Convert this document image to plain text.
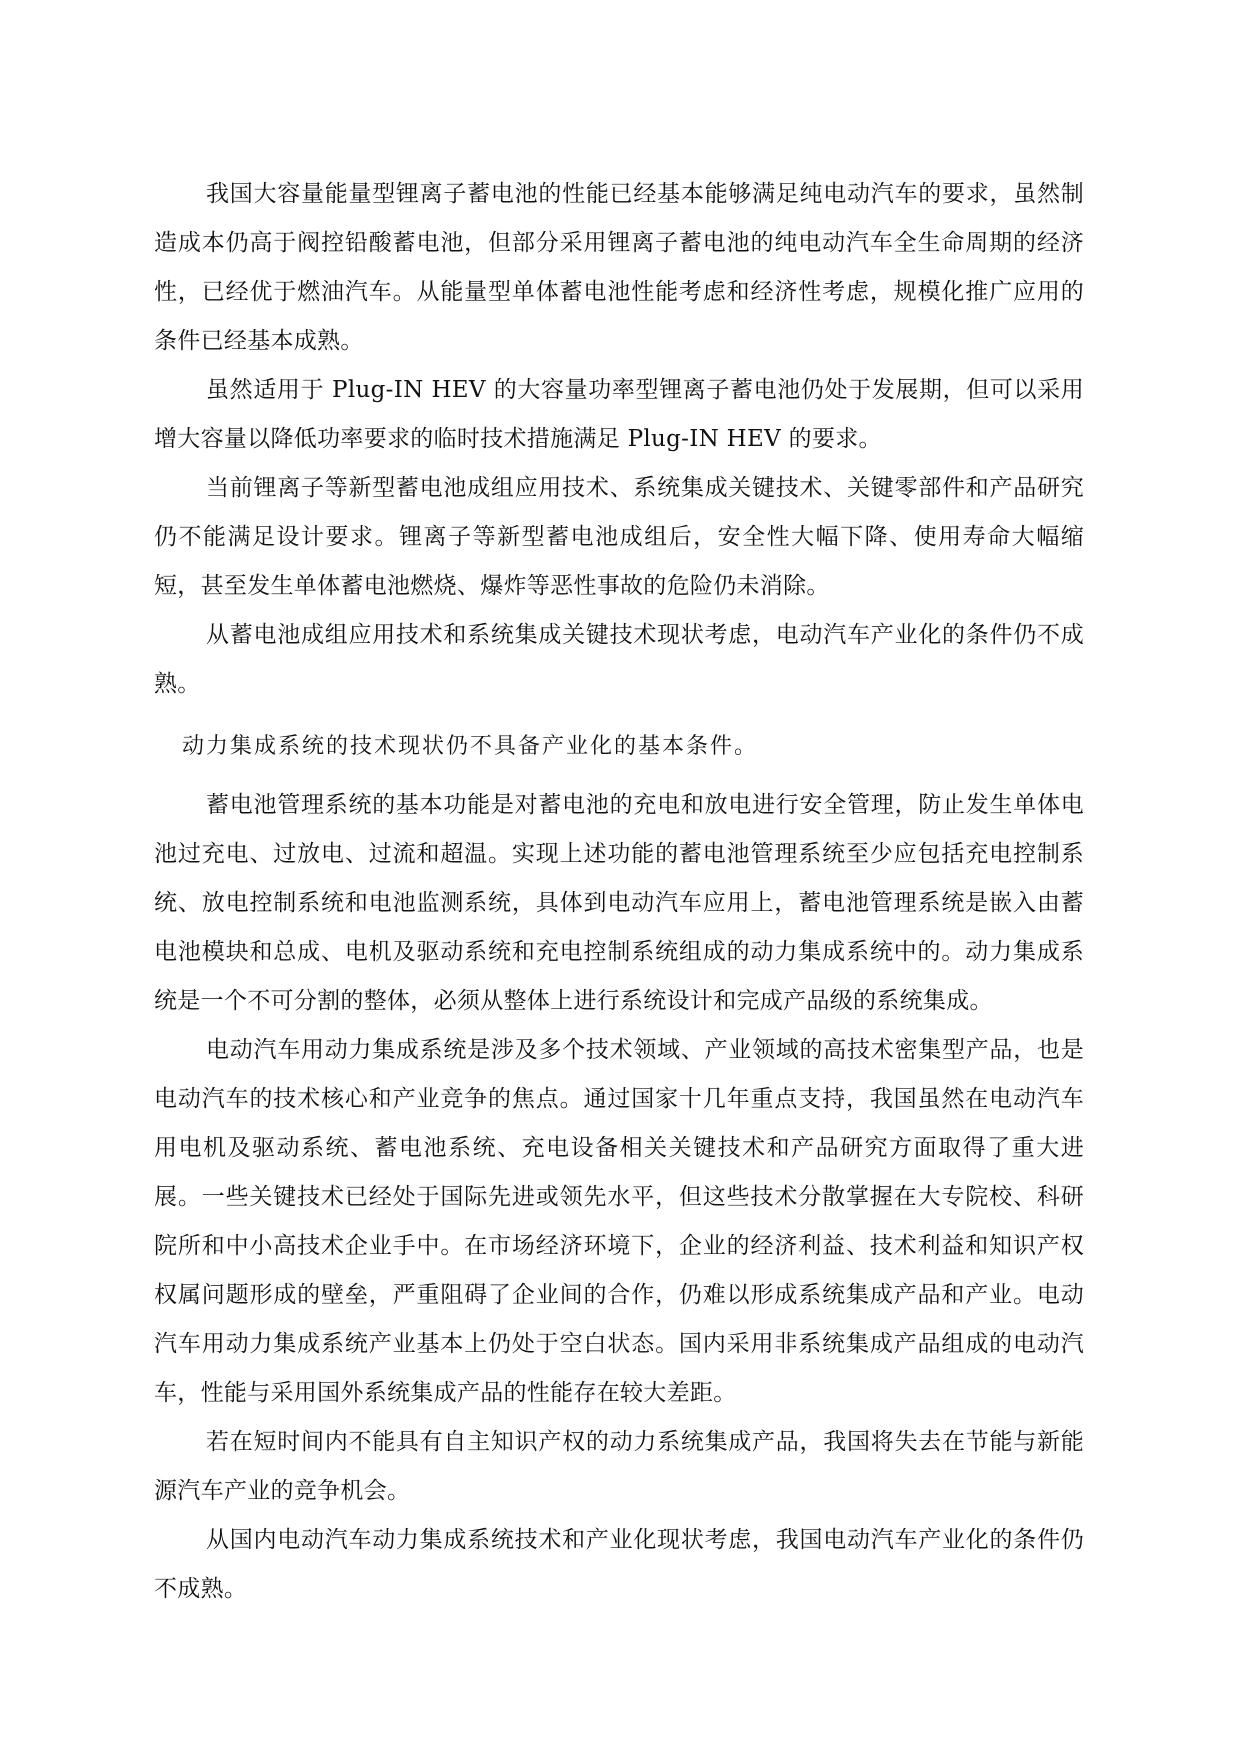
我国大容量能量型锂离子蓄电池的性能已经基本能够满足纯电动汽车的要求，虽然制造成本仍高于阀控铅酸蓄电池，但部分采用锂离子蓄电池的纯电动汽车全生命周期的经济性，已经优于燃油汽车。从能量型单体蓄电池性能考虑和经济性考虑，规模化推广应用的条件已经基本成熟。

虽然适用于 Plug-IN HEV 的大容量功率型锂离子蓄电池仍处于发展期，但可以采用增大容量以降低功率要求的临时技术措施满足 Plug-IN HEV 的要求。

当前锂离子等新型蓄电池成组应用技术、系统集成关键技术、关键零部件和产品研究仍不能满足设计要求。锂离子等新型蓄电池成组后，安全性大幅下降、使用寿命大幅缩短，甚至发生单体蓄电池燃烧、爆炸等恶性事故的危险仍未消除。

从蓄电池成组应用技术和系统集成关键技术现状考虑，电动汽车产业化的条件仍不成熟。

动力集成系统的技术现状仍不具备产业化的基本条件。

蓄电池管理系统的基本功能是对蓄电池的充电和放电进行安全管理，防止发生单体电池过充电、过放电、过流和超温。实现上述功能的蓄电池管理系统至少应包括充电控制系统、放电控制系统和电池监测系统，具体到电动汽车应用上，蓄电池管理系统是嵌入由蓄电池模块和总成、电机及驱动系统和充电控制系统组成的动力集成系统中的。动力集成系统是一个不可分割的整体，必须从整体上进行系统设计和完成产品级的系统集成。

电动汽车用动力集成系统是涉及多个技术领域、产业领域的高技术密集型产品，也是电动汽车的技术核心和产业竞争的焦点。通过国家十几年重点支持，我国虽然在电动汽车用电机及驱动系统、蓄电池系统、充电设备相关关键技术和产品研究方面取得了重大进展。一些关键技术已经处于国际先进或领先水平，但这些技术分散掌握在大专院校、科研院所和中小高技术企业手中。在市场经济环境下，企业的经济利益、技术利益和知识产权权属问题形成的壁垒，严重阻碍了企业间的合作，仍难以形成系统集成产品和产业。电动汽车用动力集成系统产业基本上仍处于空白状态。国内采用非系统集成产品组成的电动汽车，性能与采用国外系统集成产品的性能存在较大差距。

若在短时间内不能具有自主知识产权的动力系统集成产品，我国将失去在节能与新能源汽车产业的竞争机会。

从国内电动汽车动力集成系统技术和产业化现状考虑，我国电动汽车产业化的条件仍不成熟。
